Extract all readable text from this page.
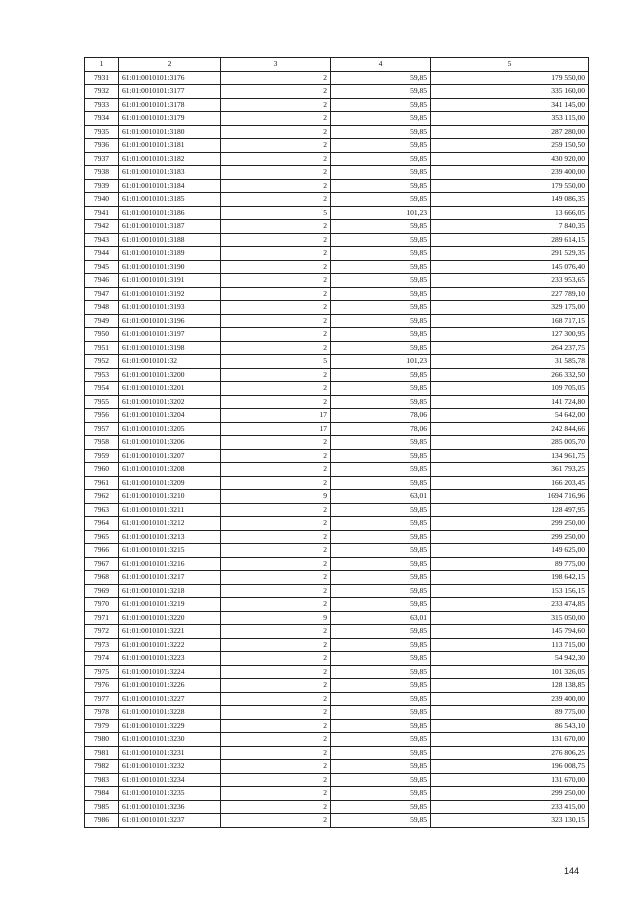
1	2	3	4	5
7931	61:01:0010101:3176	2	59,85	179 550,00
7932	61:01:0010101:3177	2	59,85	335 160,00
7933	61:01:0010101:3178	2	59,85	341 145,00
7934	61:01:0010101:3179	2	59,85	353 115,00
7935	61:01:0010101:3180	2	59,85	287 280,00
7936	61:01:0010101:3181	2	59,85	259 150,50
7937	61:01:0010101:3182	2	59,85	430 920,00
7938	61:01:0010101:3183	2	59,85	239 400,00
7939	61:01:0010101:3184	2	59,85	179 550,00
7940	61:01:0010101:3185	2	59,85	149 086,35
7941	61:01:0010101:3186	5	101,23	13 666,05
7942	61:01:0010101:3187	2	59,85	7 840,35
7943	61:01:0010101:3188	2	59,85	289 614,15
7944	61:01:0010101:3189	2	59,85	291 529,35
7945	61:01:0010101:3190	2	59,85	145 076,40
7946	61:01:0010101:3191	2	59,85	233 953,65
7947	61:01:0010101:3192	2	59,85	227 789,10
7948	61:01:0010101:3193	2	59,85	329 175,00
7949	61:01:0010101:3196	2	59,85	168 717,15
7950	61:01:0010101:3197	2	59,85	127 300,95
7951	61:01:0010101:3198	2	59,85	264 237,75
7952	61:01:0010101:32	5	101,23	31 585,78
7953	61:01:0010101:3200	2	59,85	266 332,50
7954	61:01:0010101:3201	2	59,85	109 705,05
7955	61:01:0010101:3202	2	59,85	141 724,80
7956	61:01:0010101:3204	17	78,06	54 642,00
7957	61:01:0010101:3205	17	78,06	242 844,66
7958	61:01:0010101:3206	2	59,85	285 005,70
7959	61:01:0010101:3207	2	59,85	134 961,75
7960	61:01:0010101:3208	2	59,85	361 793,25
7961	61:01:0010101:3209	2	59,85	166 203,45
7962	61:01:0010101:3210	9	63,01	1694 716,96
7963	61:01:0010101:3211	2	59,85	128 497,95
7964	61:01:0010101:3212	2	59,85	299 250,00
7965	61:01:0010101:3213	2	59,85	299 250,00
7966	61:01:0010101:3215	2	59,85	149 625,00
7967	61:01:0010101:3216	2	59,85	89 775,00
7968	61:01:0010101:3217	2	59,85	198 642,15
7969	61:01:0010101:3218	2	59,85	153 156,15
7970	61:01:0010101:3219	2	59,85	233 474,85
7971	61:01:0010101:3220	9	63,01	315 050,00
7972	61:01:0010101:3221	2	59,85	145 794,60
7973	61:01:0010101:3222	2	59,85	113 715,00
7974	61:01:0010101:3223	2	59,85	54 942,30
7975	61:01:0010101:3224	2	59,85	101 326,05
7976	61:01:0010101:3226	2	59,85	128 138,85
7977	61:01:0010101:3227	2	59,85	239 400,00
7978	61:01:0010101:3228	2	59,85	89 775,00
7979	61:01:0010101:3229	2	59,85	86 543,10
7980	61:01:0010101:3230	2	59,85	131 670,00
7981	61:01:0010101:3231	2	59,85	276 806,25
7982	61:01:0010101:3232	2	59,85	196 008,75
7983	61:01:0010101:3234	2	59,85	131 670,00
7984	61:01:0010101:3235	2	59,85	299 250,00
7985	61:01:0010101:3236	2	59,85	233 415,00
7986	61:01:0010101:3237	2	59,85	323 130,15
144
